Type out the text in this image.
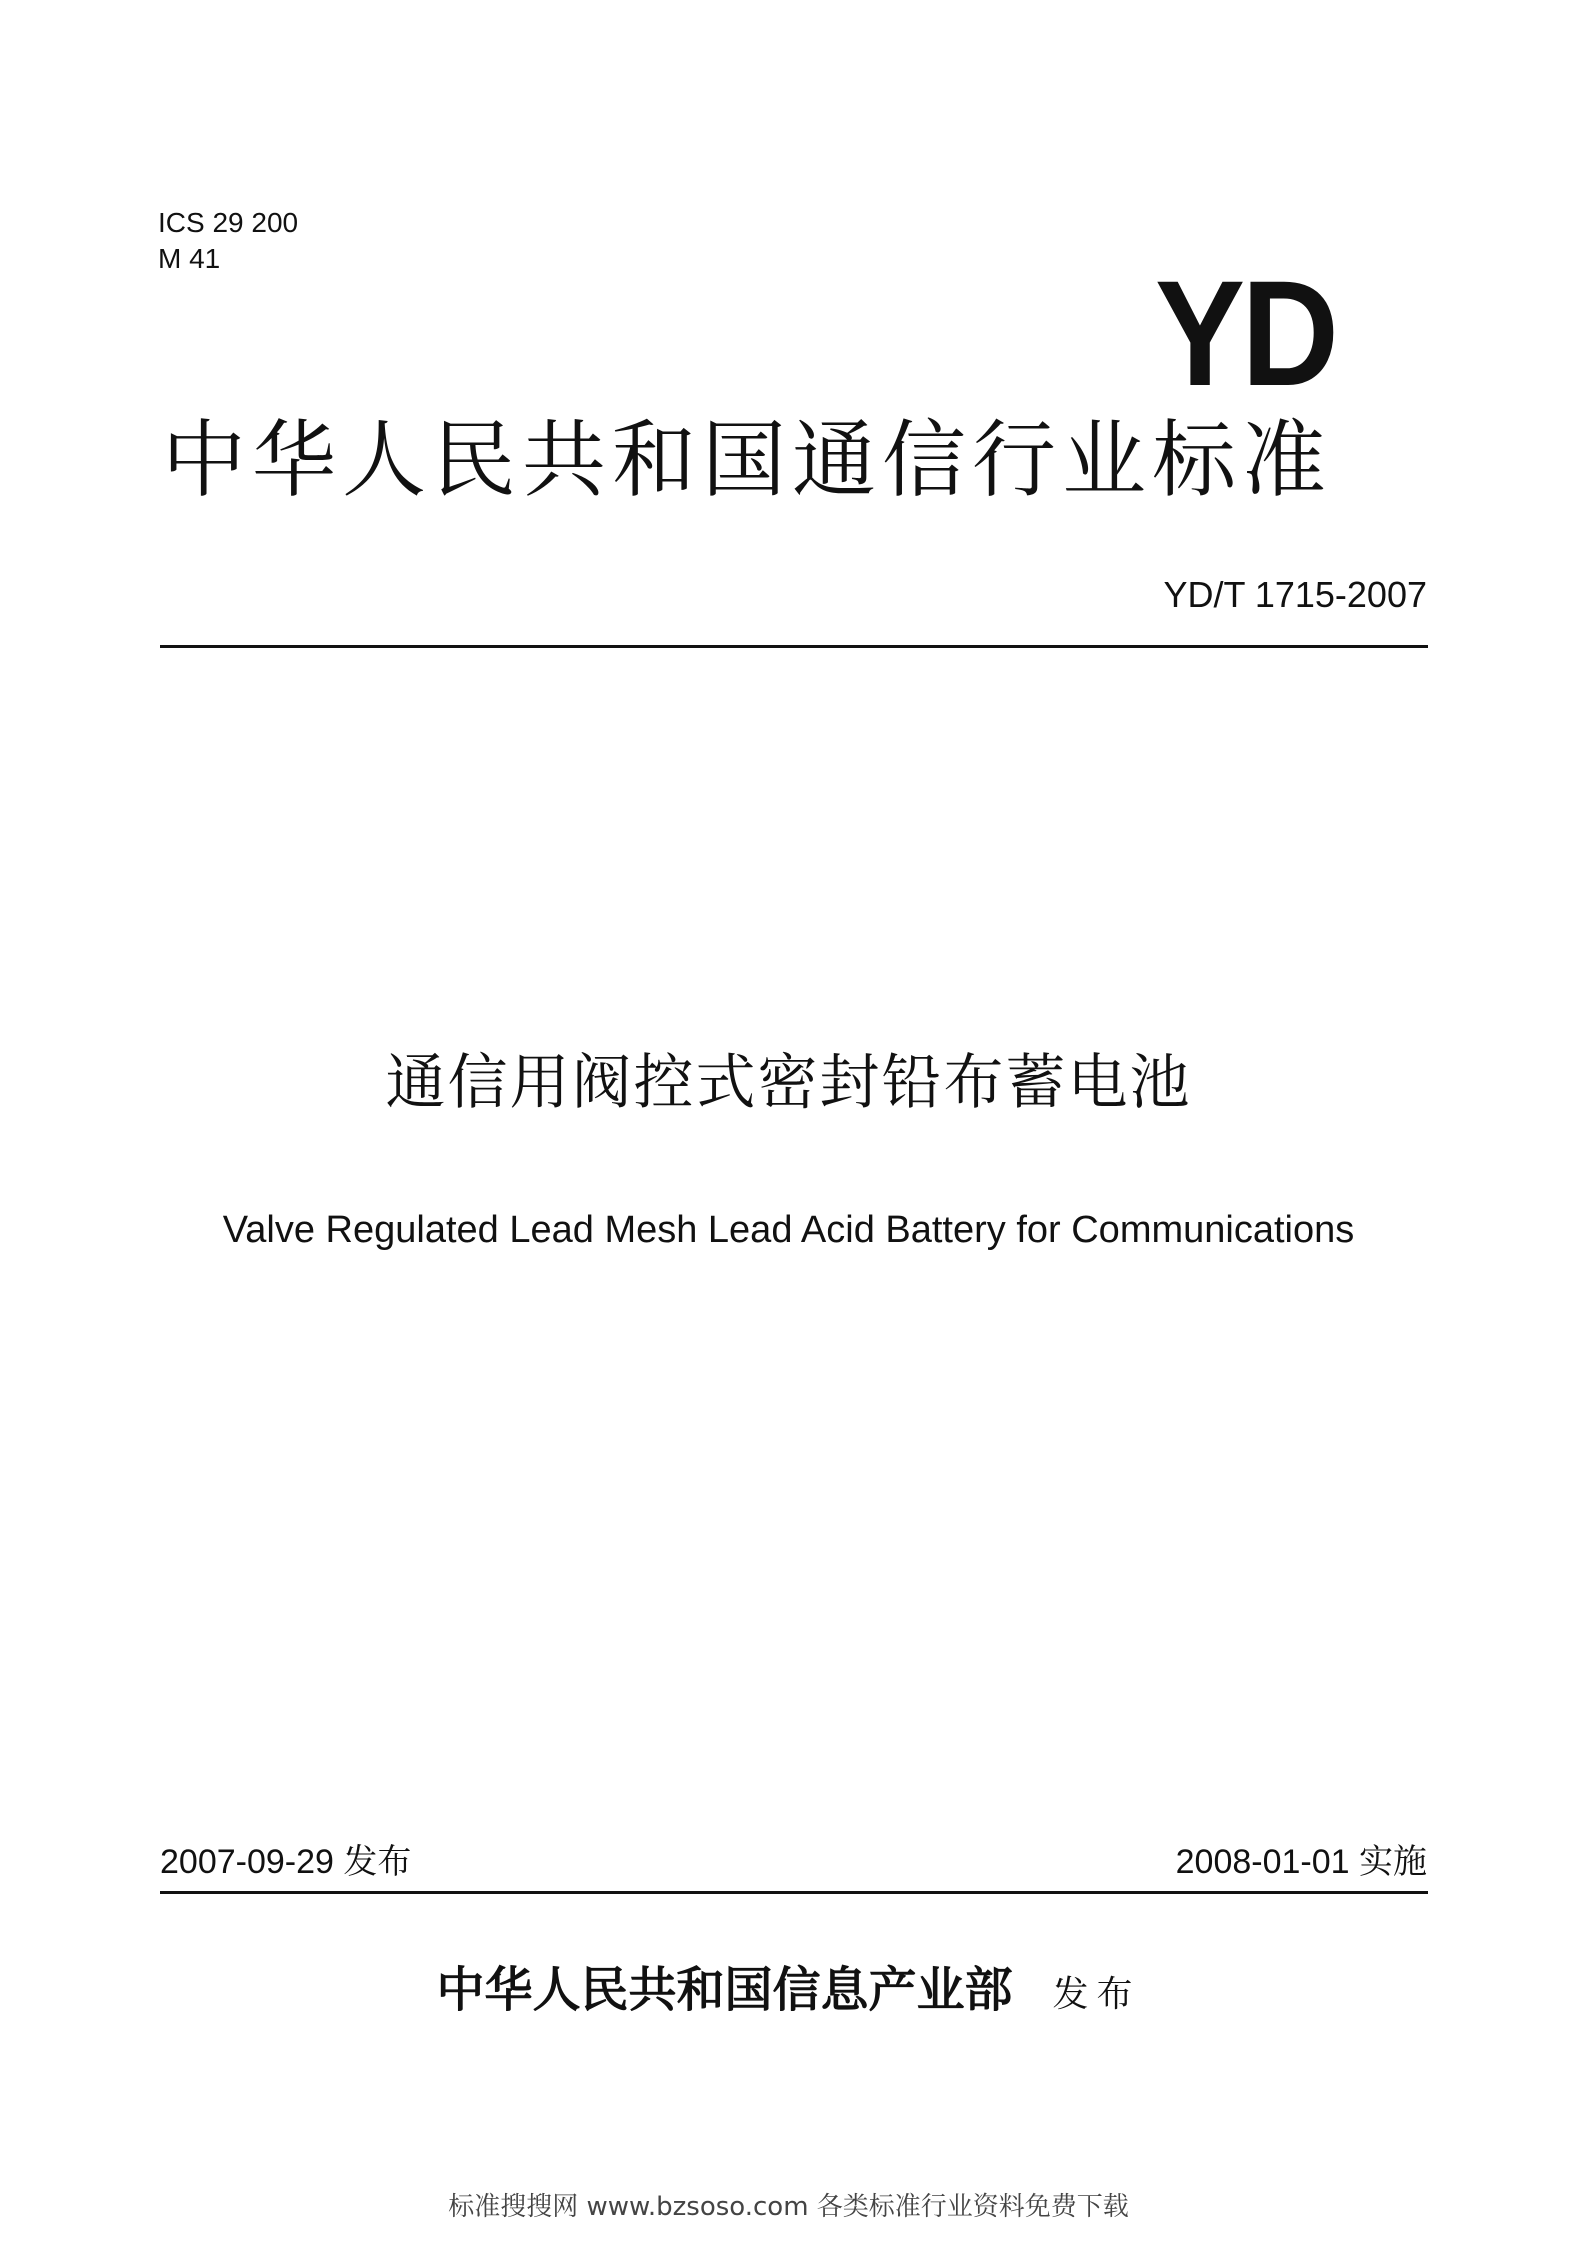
ICS 29 200
M 41	YD
中华人民共和国通信行业标准
YD/T 1715-2007
通信用阀控式密封铅布蓄电池
Valve Regulated Lead Mesh Lead Acid Battery for Communications
2007-09-29 发布	2008-01-01 实施
中华人民共和国信息产业部 发布
标准搜搜网 www.bzsoso.com 各类标准行业资料免费下载
